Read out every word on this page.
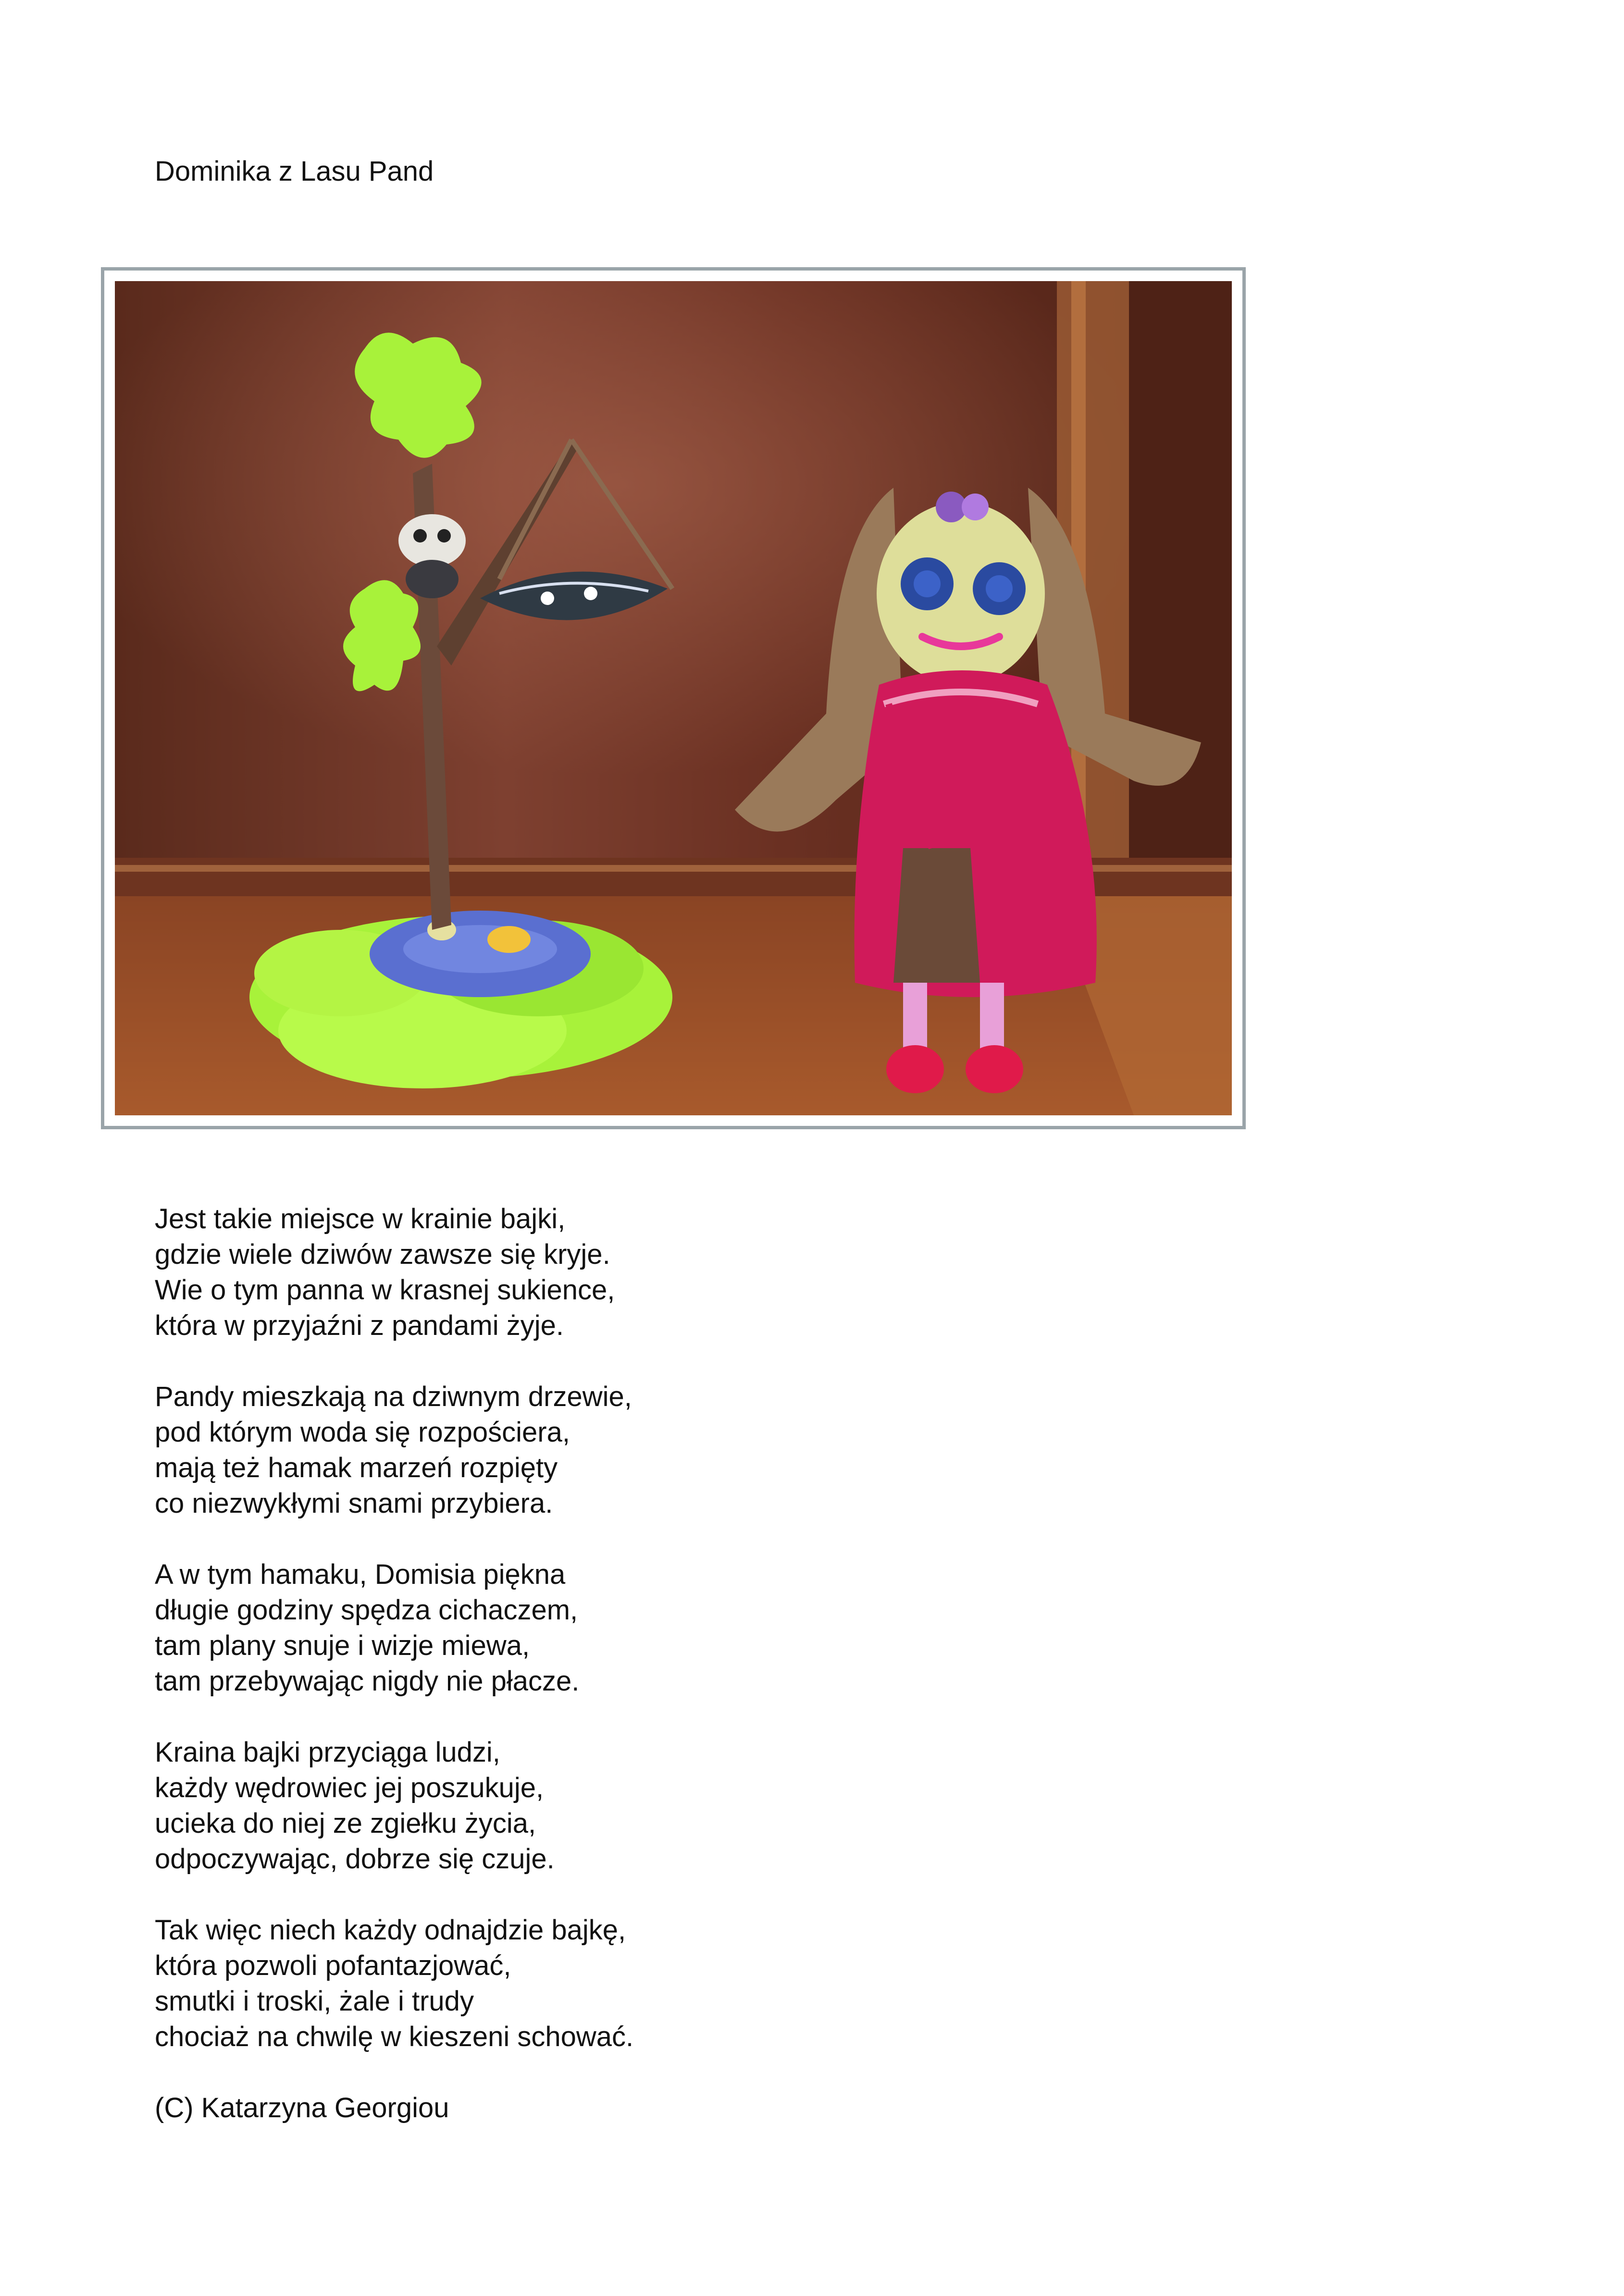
Dominika z Lasu Pand
Jest takie miejsce w krainie bajki,
gdzie wiele dziwów zawsze się kryje.
Wie o tym panna w krasnej sukience,
która w przyjaźni z pandami żyje.
Pandy mieszkają na dziwnym drzewie,
pod którym woda się rozpościera,
mają też hamak marzeń rozpięty
co niezwykłymi snami przybiera.
A w tym hamaku, Domisia piękna
długie godziny spędza cichaczem,
tam plany snuje i wizje miewa,
tam przebywając nigdy nie płacze.
Kraina bajki przyciąga ludzi,
każdy wędrowiec jej poszukuje,
ucieka do niej ze zgiełku życia,
odpoczywając, dobrze się czuje.
Tak więc niech każdy odnajdzie bajkę,
która pozwoli pofantazjować,
smutki i troski, żale i trudy
chociaż na chwilę w kieszeni schować.
(C) Katarzyna Georgiou
